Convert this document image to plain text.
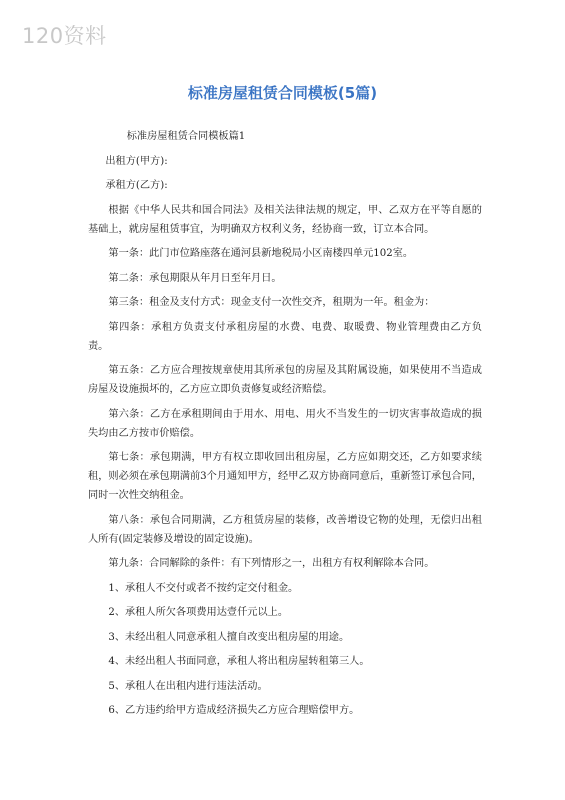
120资料
标准房屋租赁合同模板(5篇)

标准房屋租赁合同模板篇1

出租方(甲方):

承租方(乙方):

根据《中华人民共和国合同法》及相关法律法规的规定，甲、乙双方在平等自愿的基础上，就房屋租赁事宜，为明确双方权利义务，经协商一致，订立本合同。

第一条：此门市位路座落在通河县新地税局小区南楼四单元102室。

第二条：承包期限从年月日至年月日。

第三条：租金及支付方式：现金支付一次性交齐，租期为一年。租金为：

第四条：承租方负责支付承租房屋的水费、电费、取暖费、物业管理费由乙方负责。

第五条：乙方应合理按规章使用其所承包的房屋及其附属设施，如果使用不当造成房屋及设施损坏的，乙方应立即负责修复或经济赔偿。

第六条：乙方在承租期间由于用水、用电、用火不当发生的一切灾害事故造成的损失均由乙方按市价赔偿。

第七条：承包期满，甲方有权立即收回出租房屋，乙方应如期交还，乙方如要求续租，则必须在承包期满前3个月通知甲方，经甲乙双方协商同意后，重新签订承包合同，同时一次性交纳租金。

第八条：承包合同期满，乙方租赁房屋的装修，改善增设它物的处理，无偿归出租人所有(固定装修及增设的固定设施)。

第九条：合同解除的条件：有下列情形之一，出租方有权利解除本合同。

1、承租人不交付或者不按约定交付租金。

2、承租人所欠各项费用达壹仟元以上。

3、未经出租人同意承租人擅自改变出租房屋的用途。

4、未经出租人书面同意，承租人将出租房屋转租第三人。

5、承租人在出租内进行违法活动。

6、乙方违约给甲方造成经济损失乙方应合理赔偿甲方。
